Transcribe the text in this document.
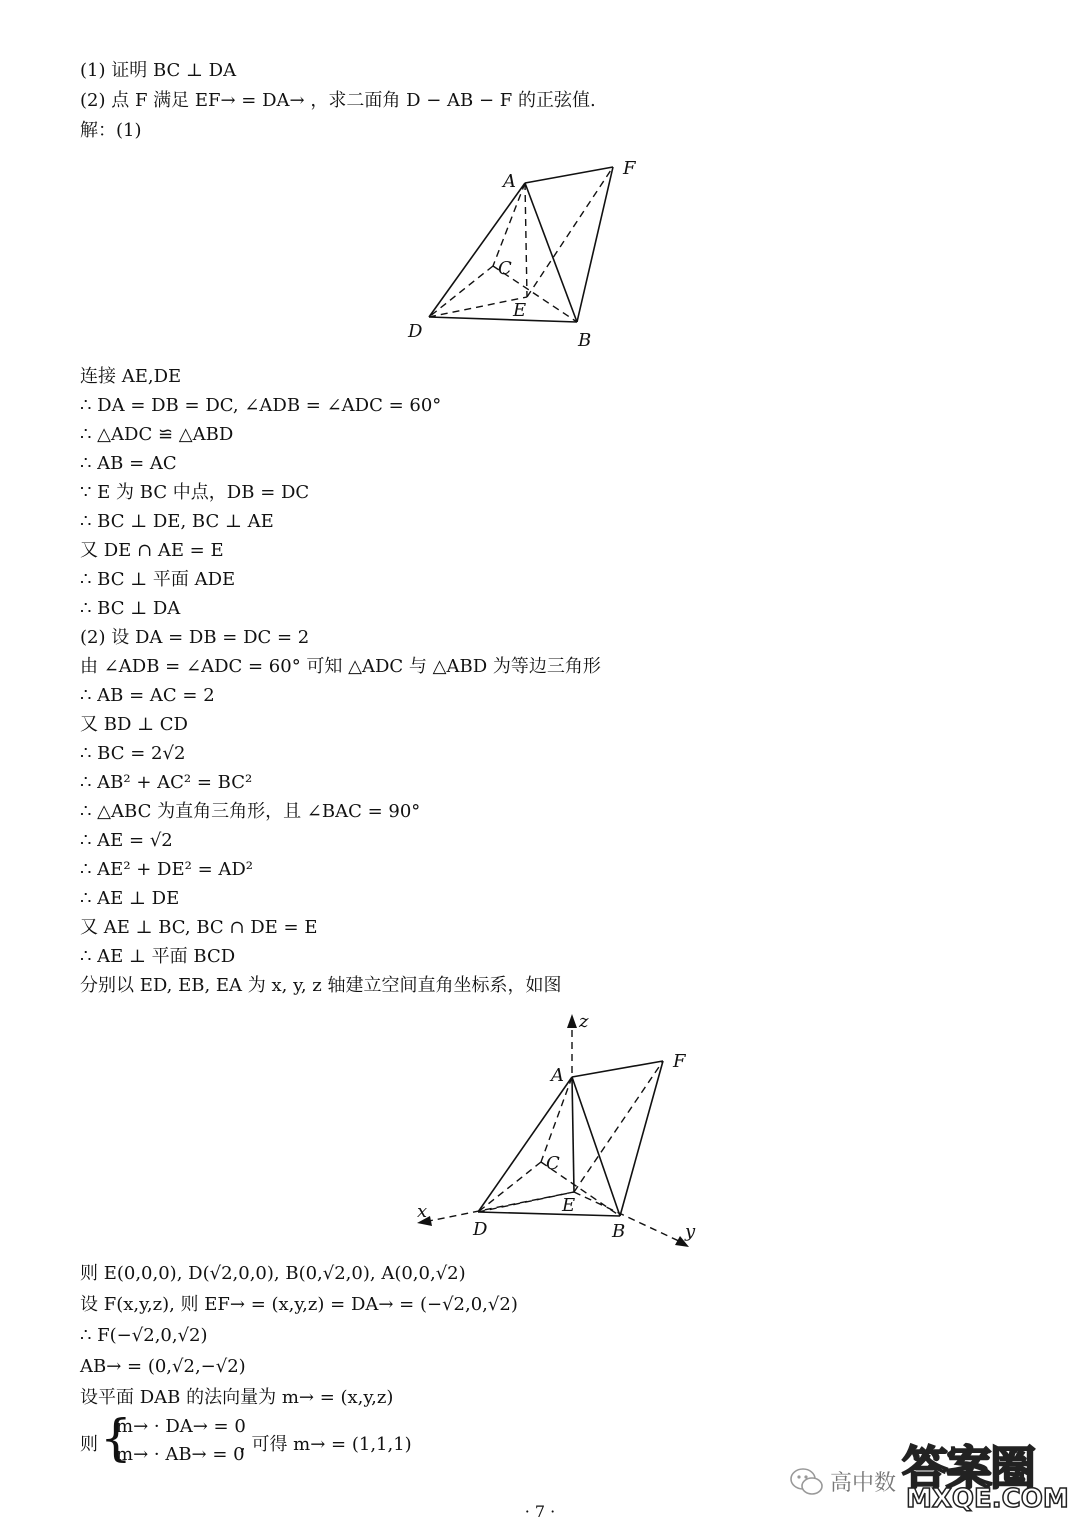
(1) 证明 BC ⊥ DA
(2) 点 F 满足 EF→ = DA→ ，求二面角 D − AB − F 的正弦值.
解：(1)
A
F
C
E
D	B
连接 AE,DE
∴ DA = DB = DC, ∠ADB = ∠ADC = 60°
∴ △ADC ≌ △ABD
∴ AB = AC
∵ E 为 BC 中点，DB = DC
∴ BC ⊥ DE, BC ⊥ AE
又 DE ∩ AE = E
∴ BC ⊥ 平面 ADE
∴ BC ⊥ DA
(2) 设 DA = DB = DC = 2
由 ∠ADB = ∠ADC = 60° 可知 △ADC 与 △ABD 为等边三角形
∴ AB = AC = 2
又 BD ⊥ CD
∴ BC = 2√2
∴ AB² + AC² = BC²
∴ △ABC 为直角三角形，且 ∠BAC = 90°
∴ AE = √2
∴ AE² + DE² = AD²
∴ AE ⊥ DE
又 AE ⊥ BC, BC ∩ DE = E
∴ AE ⊥ 平面 BCD
分别以 ED, EB, EA 为 x, y, z 轴建立空间直角坐标系，如图
z
x
y
A
F
C
E
D	B
则 E(0,0,0), D(√2,0,0), B(0,√2,0), A(0,0,√2)
设 F(x,y,z), 则 EF→ = (x,y,z) = DA→ = (−√2,0,√2)
∴ F(−√2,0,√2)
AB→ = (0,√2,−√2)
设平面 DAB 的法向量为 m→ = (x,y,z)
则 {
m→ · DA→ = 0
m→ · AB→ = 0
, 可得 m→ = (1,1,1)
高中数 答案圈
MXQE.COM
· 7 ·
